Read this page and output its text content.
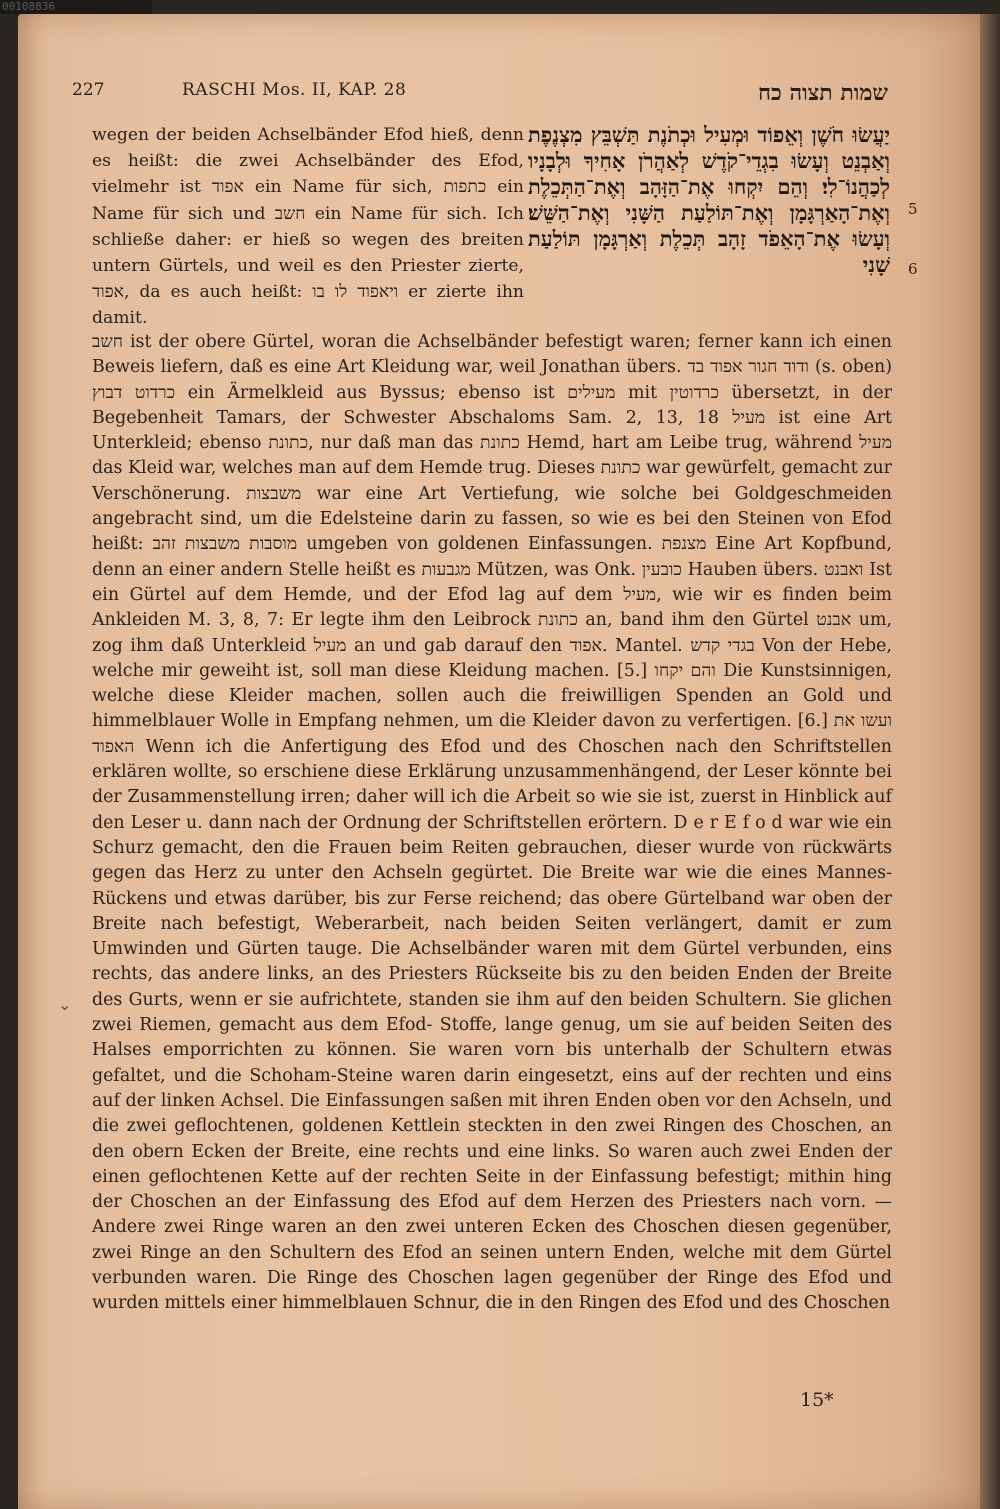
00108836
227	RASCHI Mos. II, KAP. 28	שמות תצוה כח
wegen der beiden Achselbänder Efod hieß, denn es heißt: die zwei Achselbänder des Efod, vielmehr ist אפוד ein Name für sich, כתפות ein Name für sich und חשב ein Name für sich. Ich schließe daher: er hieß so wegen des breiten untern Gürtels, und weil es den Priester zierte, אפוד, da es auch heißt: ויאפוד לו בו er zierte ihn damit.
יַעֲשׂוּ חֹשֶׁן וְאֵפוֹד וּמְעִיל וּכְתֹנֶת תַּשְׁבֵּץ מִצְנֶפֶת וְאַבְנֵט וְעָשׂוּ בִגְדֵי־קֹדֶשׁ לְאַהֲרֹן אָחִיךָ וּלְבָנָיו לְכַהֲנוֹ־לִי׃ וְהֵם יִקְחוּ אֶת־הַזָּהָב וְאֶת־הַתְּכֵלֶת וְאֶת־הָאַרְגָּמָן וְאֶת־תּוֹלַעַת הַשָּׁנִי וְאֶת־הַשֵּׁשׁ׃ וְעָשׂוּ אֶת־הָאֵפֹד זָהָב תְּכֵלֶת וְאַרְגָּמָן תּוֹלַעַת שָׁנִי
5
6
חשב ist der obere Gürtel, woran die Achselbänder befestigt waren; ferner kann ich einen Beweis liefern, daß es eine Art Kleidung war, weil Jonathan übers. ודוד חגור אפוד בד (s. oben) כרדוט דבוץ ein Ärmelkleid aus Byssus; ebenso ist מעילים mit כרדוטין übersetzt, in der Begebenheit Tamars, der Schwester Abschaloms Sam. 2, 13, 18 מעיל ist eine Art Unterkleid; ebenso כתונת, nur daß man das כתונת Hemd, hart am Leibe trug, während מעיל das Kleid war, welches man auf dem Hemde trug. Dieses כתונת war gewürfelt, gemacht zur Verschönerung. משבצות war eine Art Vertiefung, wie solche bei Goldgeschmeiden angebracht sind, um die Edelsteine darin zu fassen, so wie es bei den Steinen von Efod heißt: מוסבות משבצות זהב umgeben von goldenen Einfassungen. מצנפת Eine Art Kopfbund, denn an einer andern Stelle heißt es מגבעות Mützen, was Onk. כובעין Hauben übers. ואבנט Ist ein Gürtel auf dem Hemde, und der Efod lag auf dem מעיל, wie wir es finden beim Ankleiden M. 3, 8, 7: Er legte ihm den Leibrock כתונת an, band ihm den Gürtel אבנט um, zog ihm daß Unterkleid מעיל an und gab darauf den אפוד. Mantel. בגדי קדש Von der Hebe, welche mir geweiht ist, soll man diese Kleidung machen. [5.] והם יקחו Die Kunstsinnigen, welche diese Kleider machen, sollen auch die freiwilligen Spenden an Gold und himmelblauer Wolle in Empfang nehmen, um die Kleider davon zu verfertigen. [6.] ועשו את האפוד Wenn ich die Anfertigung des Efod und des Choschen nach den Schriftstellen erklären wollte, so erschiene diese Erklärung unzusammenhängend, der Leser könnte bei der Zusammenstellung irren; daher will ich die Arbeit so wie sie ist, zuerst in Hinblick auf den Leser u. dann nach der Ordnung der Schriftstellen erörtern. D e r E f o d war wie ein Schurz gemacht, den die Frauen beim Reiten gebrauchen, dieser wurde von rückwärts gegen das Herz zu unter den Achseln gegürtet. Die Breite war wie die eines Mannes-Rückens und etwas darüber, bis zur Ferse reichend; das obere Gürtelband war oben der Breite nach befestigt, Weberarbeit, nach beiden Seiten verlängert, damit er zum Umwinden und Gürten tauge. Die Achselbänder waren mit dem Gürtel verbunden, eins rechts, das andere links, an des Priesters Rückseite bis zu den beiden Enden der Breite des Gurts, wenn er sie aufrichtete, standen sie ihm auf den beiden Schultern. Sie glichen zwei Riemen, gemacht aus dem Efod- Stoffe, lange genug, um sie auf beiden Seiten des Halses emporrichten zu können. Sie waren vorn bis unterhalb der Schultern etwas gefaltet, und die Schoham-Steine waren darin eingesetzt, eins auf der rechten und eins auf der linken Achsel. Die Einfassungen saßen mit ihren Enden oben vor den Achseln, und die zwei geflochtenen, goldenen Kettlein steckten in den zwei Ringen des Choschen, an den obern Ecken der Breite, eine rechts und eine links. So waren auch zwei Enden der einen geflochtenen Kette auf der rechten Seite in der Einfassung befestigt; mithin hing der Choschen an der Einfassung des Efod auf dem Herzen des Priesters nach vorn. — Andere zwei Ringe waren an den zwei unteren Ecken des Choschen diesen gegenüber, zwei Ringe an den Schultern des Efod an seinen untern Enden, welche mit dem Gürtel verbunden waren. Die Ringe des Choschen lagen gegenüber der Ringe des Efod und wurden mittels einer himmelblauen Schnur, die in den Ringen des Efod und des Choschen
⌄
15*
